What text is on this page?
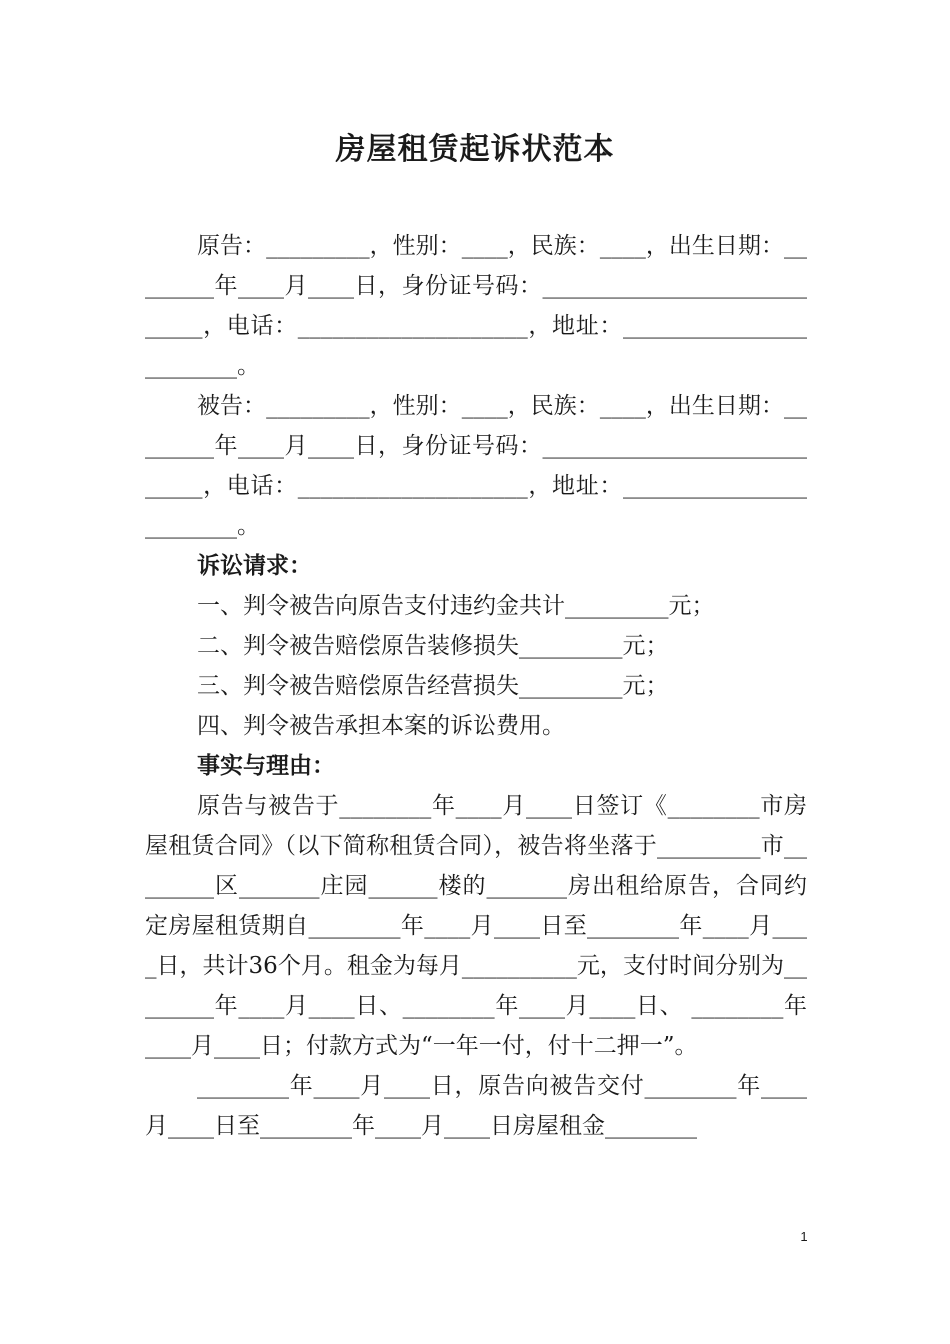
房屋租赁起诉状范本

原告：_________，性别：____，民族：____，出生日期：________年____月____日，身份证号码：____________________________，电话：____________________，地址：________________________。

被告：_________，性别：____，民族：____，出生日期：________年____月____日，身份证号码：____________________________，电话：____________________，地址：________________________。

诉讼请求：

一、判令被告向原告支付违约金共计_________元；

二、判令被告赔偿原告装修损失_________元；

三、判令被告赔偿原告经营损失_________元；

四、判令被告承担本案的诉讼费用。

事实与理由：

原告与被告于________年____月____日签订《________市房屋租赁合同》（以下简称租赁合同），被告将坐落于_________市________区_______庄园______楼的_______房出租给原告，合同约定房屋租赁期自________年____月____日至________年____月____日，共计36个月。租金为每月__________元，支付时间分别为________年____月____日、________年____月____日、 ________年____月____日；付款方式为“一年一付，付十二押一”。

________年____月____日，原告向被告交付________年____月____日至________年____月____日房屋租金________

1
